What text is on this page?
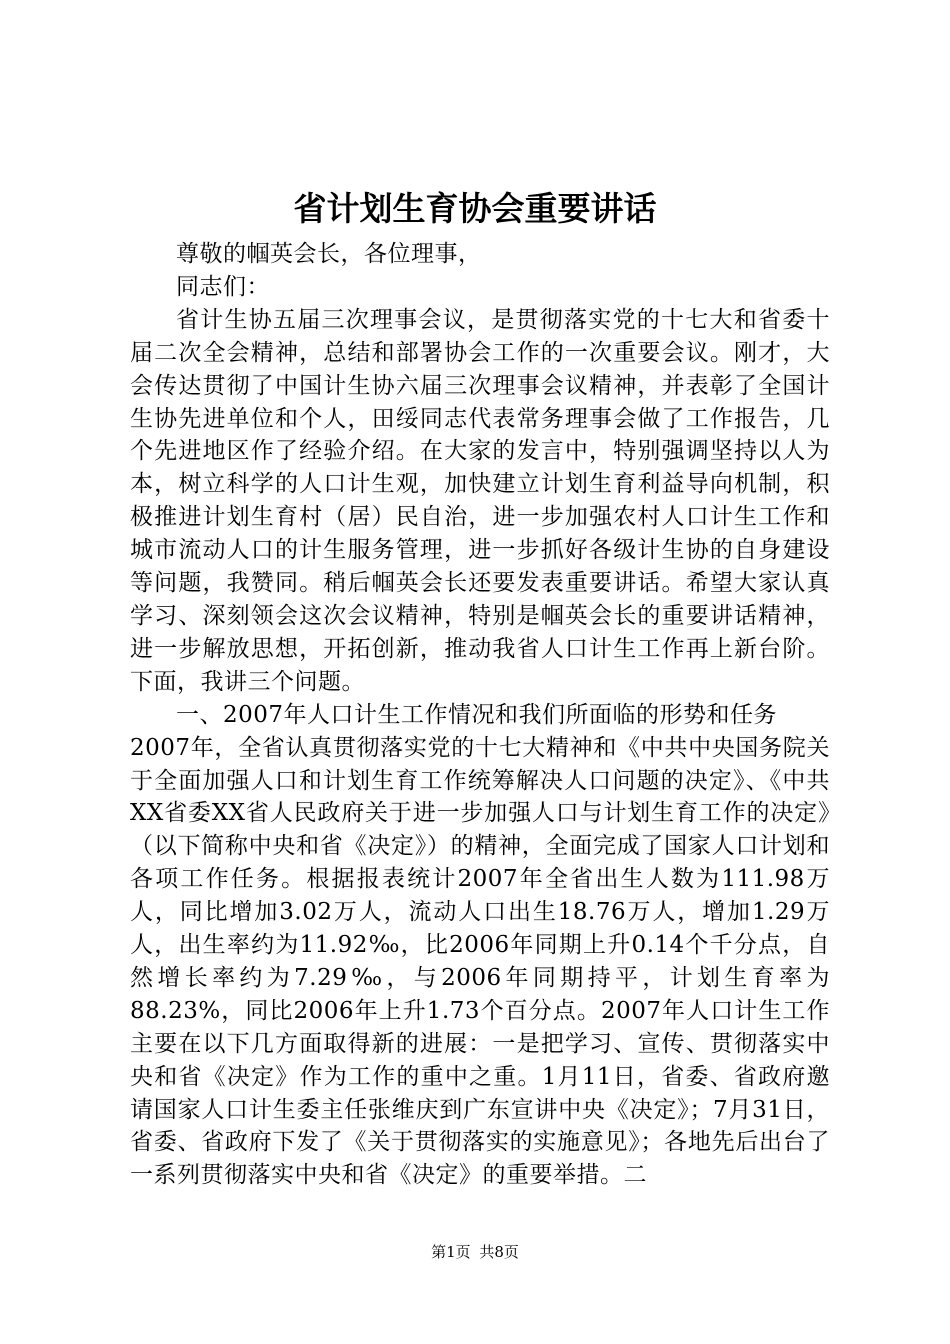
省计划生育协会重要讲话

尊敬的帼英会长，各位理事，

同志们：

省计生协五届三次理事会议，是贯彻落实党的十七大和省委十届二次全会精神，总结和部署协会工作的一次重要会议。刚才，大会传达贯彻了中国计生协六届三次理事会议精神，并表彰了全国计生协先进单位和个人，田绥同志代表常务理事会做了工作报告，几个先进地区作了经验介绍。在大家的发言中，特别强调坚持以人为本，树立科学的人口计生观，加快建立计划生育利益导向机制，积极推进计划生育村（居）民自治，进一步加强农村人口计生工作和城市流动人口的计生服务管理，进一步抓好各级计生协的自身建设等问题，我赞同。稍后帼英会长还要发表重要讲话。希望大家认真学习、深刻领会这次会议精神，特别是帼英会长的重要讲话精神，进一步解放思想，开拓创新，推动我省人口计生工作再上新台阶。下面，我讲三个问题。

一、2007年人口计生工作情况和我们所面临的形势和任务

2007年，全省认真贯彻落实党的十七大精神和《中共中央国务院关于全面加强人口和计划生育工作统筹解决人口问题的决定》、《中共XX省委XX省人民政府关于进一步加强人口与计划生育工作的决定》（以下简称中央和省《决定》）的精神，全面完成了国家人口计划和各项工作任务。根据报表统计2007年全省出生人数为111.98万人，同比增加3.02万人，流动人口出生18.76万人，增加1.29万人，出生率约为11.92‰，比2006年同期上升0.14个千分点，自然增长率约为7.29‰，与2006年同期持平，计划生育率为88.23%，同比2006年上升1.73个百分点。2007年人口计生工作主要在以下几方面取得新的进展：一是把学习、宣传、贯彻落实中央和省《决定》作为工作的重中之重。1月11日，省委、省政府邀请国家人口计生委主任张维庆到广东宣讲中央《决定》；7月31日，省委、省政府下发了《关于贯彻落实的实施意见》；各地先后出台了一系列贯彻落实中央和省《决定》的重要举措。二

第1页 共8页
